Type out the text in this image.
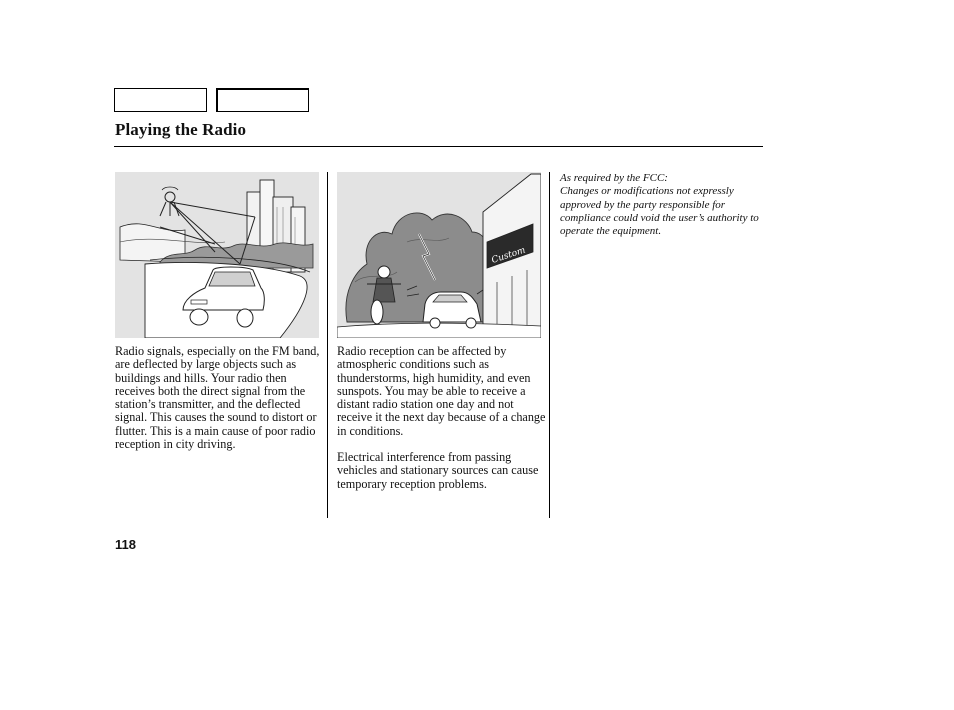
Playing the Radio
Custom

Radio signals, especially on the FM band, are deflected by large objects such as buildings and hills. Your radio then receives both the direct signal from the station’s transmitter, and the deflected signal. This causes the sound to distort or flutter. This is a main cause of poor radio reception in city driving.

Radio reception can be affected by atmospheric conditions such as thunderstorms, high humidity, and even sunspots. You may be able to receive a distant radio station one day and not receive it the next day because of a change in conditions.

Electrical interference from passing vehicles and stationary sources can cause temporary reception problems.

As required by the FCC:
Changes or modifications not expressly approved by the party responsible for compliance could void the user’s authority to operate the equipment.
118
